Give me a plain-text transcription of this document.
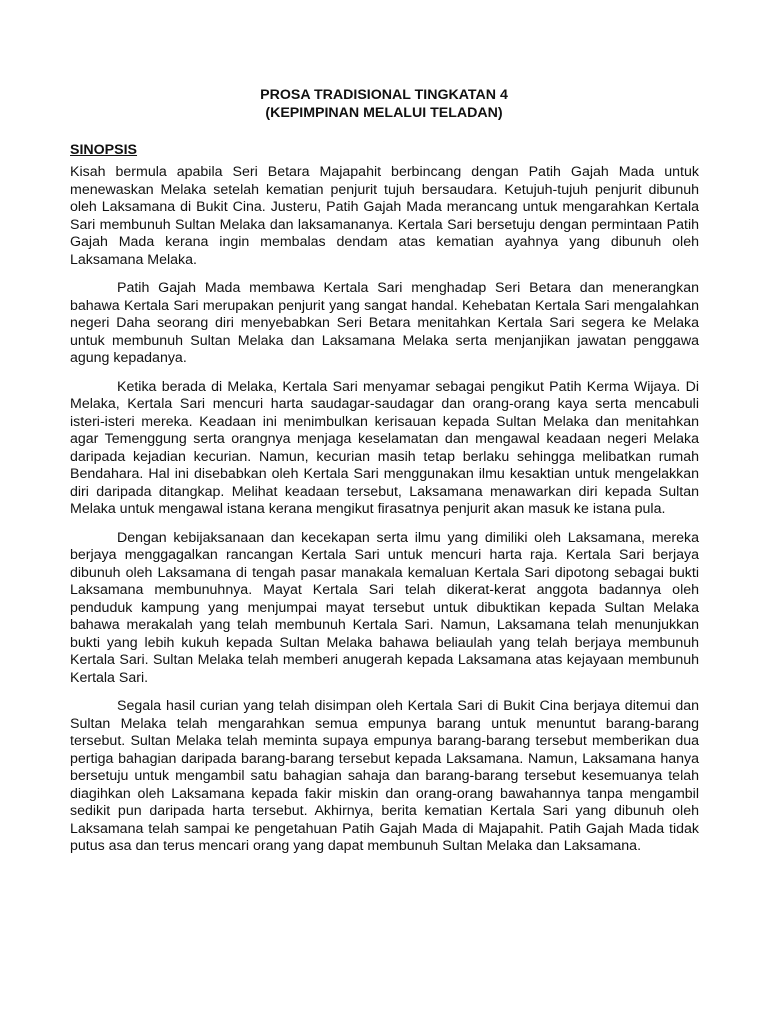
PROSA TRADISIONAL TINGKATAN 4
(KEPIMPINAN MELALUI TELADAN)
SINOPSIS

Kisah bermula apabila Seri Betara Majapahit berbincang dengan Patih Gajah Mada untuk menewaskan Melaka setelah kematian penjurit tujuh bersaudara. Ketujuh-tujuh penjurit dibunuh oleh Laksamana di Bukit Cina. Justeru, Patih Gajah Mada merancang untuk mengarahkan Kertala Sari membunuh Sultan Melaka dan laksamananya. Kertala Sari bersetuju dengan permintaan Patih Gajah Mada kerana ingin membalas dendam atas kematian ayahnya yang dibunuh oleh Laksamana Melaka.

Patih Gajah Mada membawa Kertala Sari menghadap Seri Betara dan menerangkan bahawa Kertala Sari merupakan penjurit yang sangat handal. Kehebatan Kertala Sari mengalahkan negeri Daha seorang diri menyebabkan Seri Betara menitahkan Kertala Sari segera ke Melaka untuk membunuh Sultan Melaka dan Laksamana Melaka serta menjanjikan jawatan penggawa agung kepadanya.

Ketika berada di Melaka, Kertala Sari menyamar sebagai pengikut Patih Kerma Wijaya. Di Melaka, Kertala Sari mencuri harta saudagar-saudagar dan orang-orang kaya serta mencabuli isteri-isteri mereka. Keadaan ini menimbulkan kerisauan kepada Sultan Melaka dan menitahkan agar Temenggung serta orangnya menjaga keselamatan dan mengawal keadaan negeri Melaka daripada kejadian kecurian. Namun, kecurian masih tetap berlaku sehingga melibatkan rumah Bendahara. Hal ini disebabkan oleh Kertala Sari menggunakan ilmu kesaktian untuk mengelakkan diri daripada ditangkap. Melihat keadaan tersebut, Laksamana menawarkan diri kepada Sultan Melaka untuk mengawal istana kerana mengikut firasatnya penjurit akan masuk ke istana pula.

Dengan kebijaksanaan dan kecekapan serta ilmu yang dimiliki oleh Laksamana, mereka berjaya menggagalkan rancangan Kertala Sari untuk mencuri harta raja. Kertala Sari berjaya dibunuh oleh Laksamana di tengah pasar manakala kemaluan Kertala Sari dipotong sebagai bukti Laksamana membunuhnya. Mayat Kertala Sari telah dikerat-kerat anggota badannya oleh penduduk kampung yang menjumpai mayat tersebut untuk dibuktikan kepada Sultan Melaka bahawa merakalah yang telah membunuh Kertala Sari. Namun, Laksamana telah menunjukkan bukti yang lebih kukuh kepada Sultan Melaka bahawa beliaulah yang telah berjaya membunuh Kertala Sari. Sultan Melaka telah memberi anugerah kepada Laksamana atas kejayaan membunuh Kertala Sari.

Segala hasil curian yang telah disimpan oleh Kertala Sari di Bukit Cina berjaya ditemui dan Sultan Melaka telah mengarahkan semua empunya barang untuk menuntut barang-barang tersebut. Sultan Melaka telah meminta supaya empunya barang-barang tersebut memberikan dua pertiga bahagian daripada barang-barang tersebut kepada Laksamana. Namun, Laksamana hanya bersetuju untuk mengambil satu bahagian sahaja dan barang-barang tersebut kesemuanya telah diagihkan oleh Laksamana kepada fakir miskin dan orang-orang bawahannya tanpa mengambil sedikit pun daripada harta tersebut. Akhirnya, berita kematian Kertala Sari yang dibunuh oleh Laksamana telah sampai ke pengetahuan Patih Gajah Mada di Majapahit. Patih Gajah Mada tidak putus asa dan terus mencari orang yang dapat membunuh Sultan Melaka dan Laksamana.
